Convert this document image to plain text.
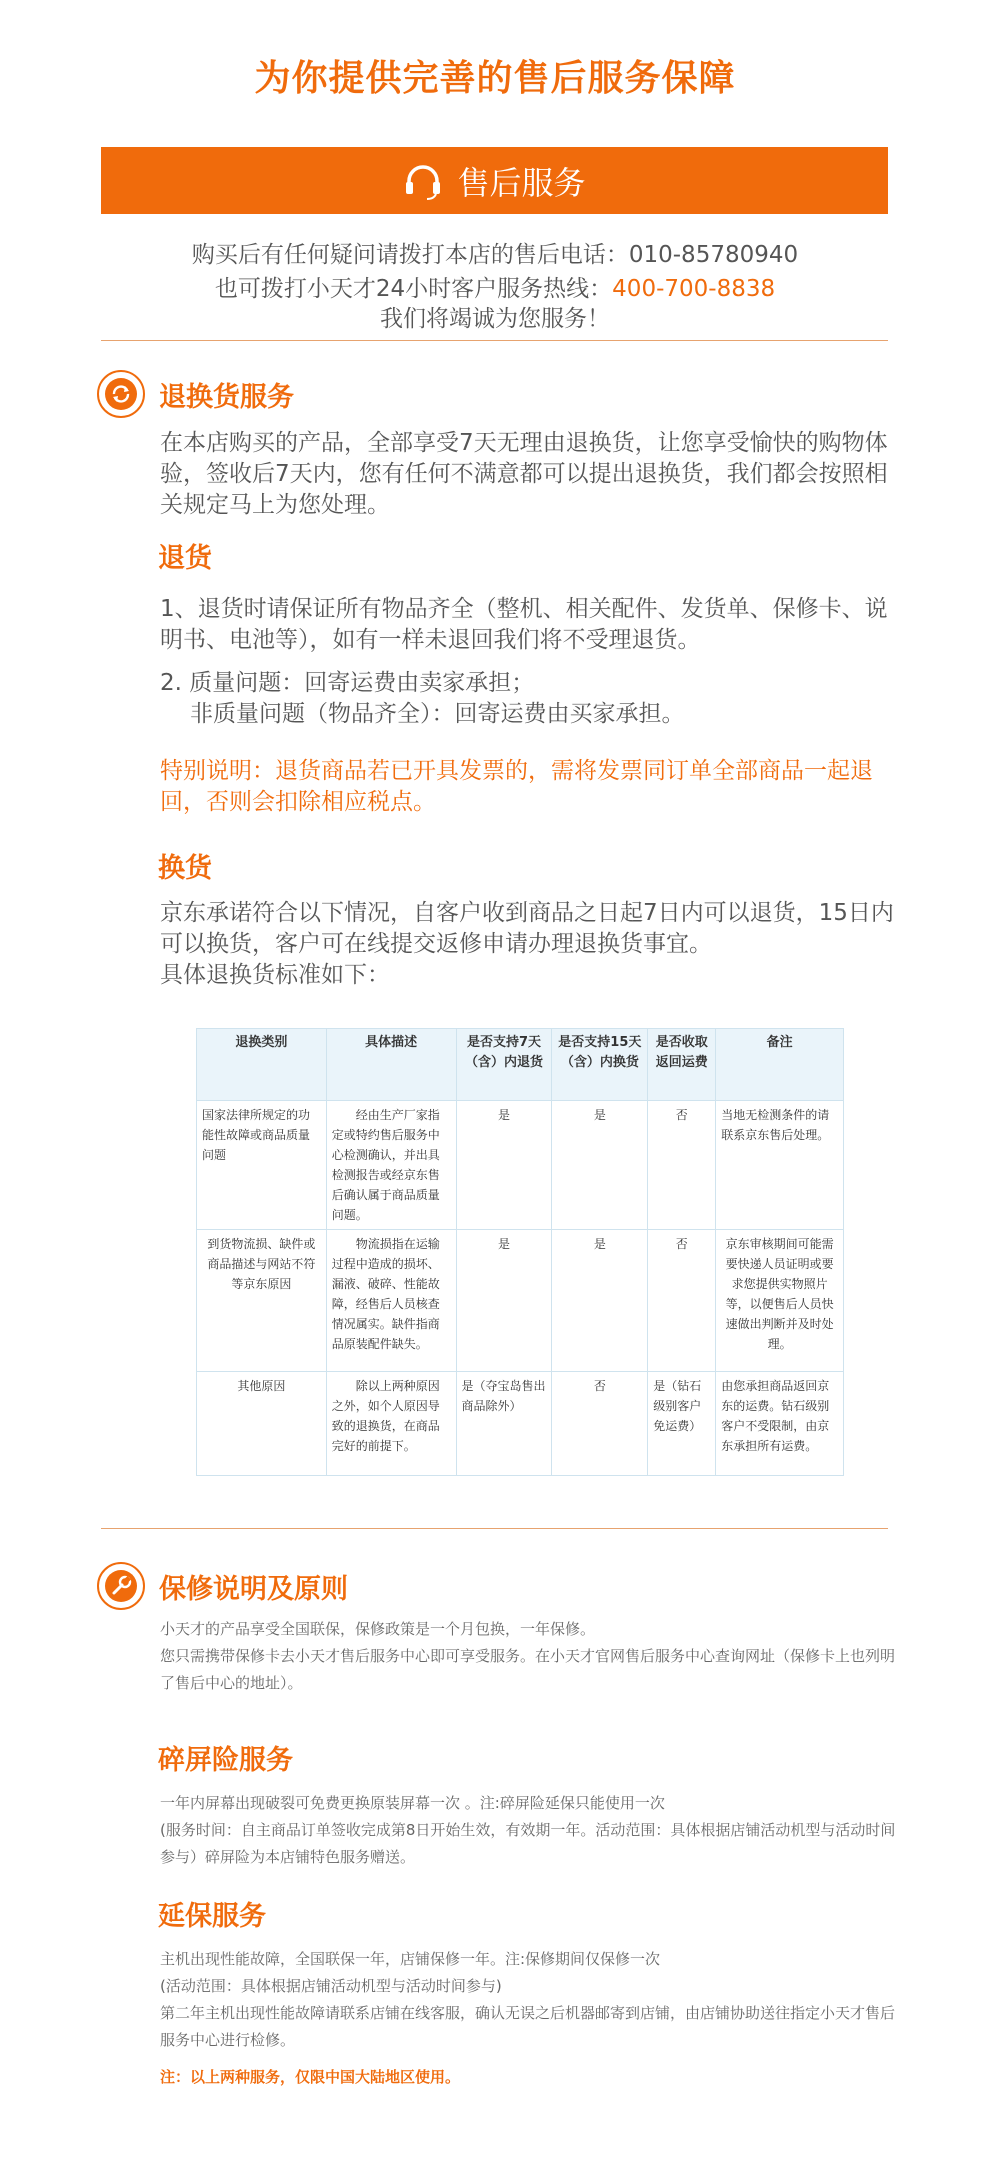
为你提供完善的售后服务保障
售后服务
购买后有任何疑问请拨打本店的售后电话：010-85780940
也可拨打小天才24小时客户服务热线：400-700-8838
我们将竭诚为您服务！
退换货服务
在本店购买的产品，全部享受7天无理由退换货，让您享受愉快的购物体验，签收后7天内，您有任何不满意都可以提出退换货，我们都会按照相关规定马上为您处理。
退货
1、退货时请保证所有物品齐全（整机、相关配件、发货单、保修卡、说明书、电池等），如有一样未退回我们将不受理退货。
2. 质量问题：回寄运费由卖家承担；
非质量问题（物品齐全）：回寄运费由买家承担。
特别说明：退货商品若已开具发票的，需将发票同订单全部商品一起退回，否则会扣除相应税点。
换货
京东承诺符合以下情况，自客户收到商品之日起7日内可以退货，15日内可以换货，客户可在线提交返修申请办理退换货事宜。
具体退换货标准如下：
退换类别	具体描述	是否支持7天（含）内退货	是否支持15天（含）内换货	是否收取返回运费	备注
国家法律所规定的功能性故障或商品质量问题	经由生产厂家指定或特约售后服务中心检测确认，并出具检测报告或经京东售后确认属于商品质量问题。	是	是	否	当地无检测条件的请联系京东售后处理。
到货物流损、缺件或商品描述与网站不符等京东原因	物流损指在运输过程中造成的损坏、漏液、破碎、性能故障，经售后人员核查情况属实。缺件指商品原装配件缺失。	是	是	否	京东审核期间可能需要快递人员证明或要求您提供实物照片等，以便售后人员快速做出判断并及时处理。
其他原因	除以上两种原因之外，如个人原因导致的退换货，在商品完好的前提下。	是（夺宝岛售出商品除外）	否	是（钻石级别客户免运费）	由您承担商品返回京东的运费。钻石级别客户不受限制，由京东承担所有运费。
保修说明及原则
小天才的产品享受全国联保，保修政策是一个月包换，一年保修。
您只需携带保修卡去小天才售后服务中心即可享受服务。在小天才官网售后服务中心查询网址（保修卡上也列明了售后中心的地址）。
碎屏险服务
一年内屏幕出现破裂可免费更换原装屏幕一次 。注:碎屏险延保只能使用一次
(服务时间：自主商品订单签收完成第8日开始生效，有效期一年。活动范围：具体根据店铺活动机型与活动时间参与）碎屏险为本店铺特色服务赠送。
延保服务
主机出现性能故障，全国联保一年，店铺保修一年。注:保修期间仅保修一次
(活动范围：具体根据店铺活动机型与活动时间参与)
第二年主机出现性能故障请联系店铺在线客服，确认无误之后机器邮寄到店铺，由店铺协助送往指定小天才售后服务中心进行检修。
注：以上两种服务，仅限中国大陆地区使用。
